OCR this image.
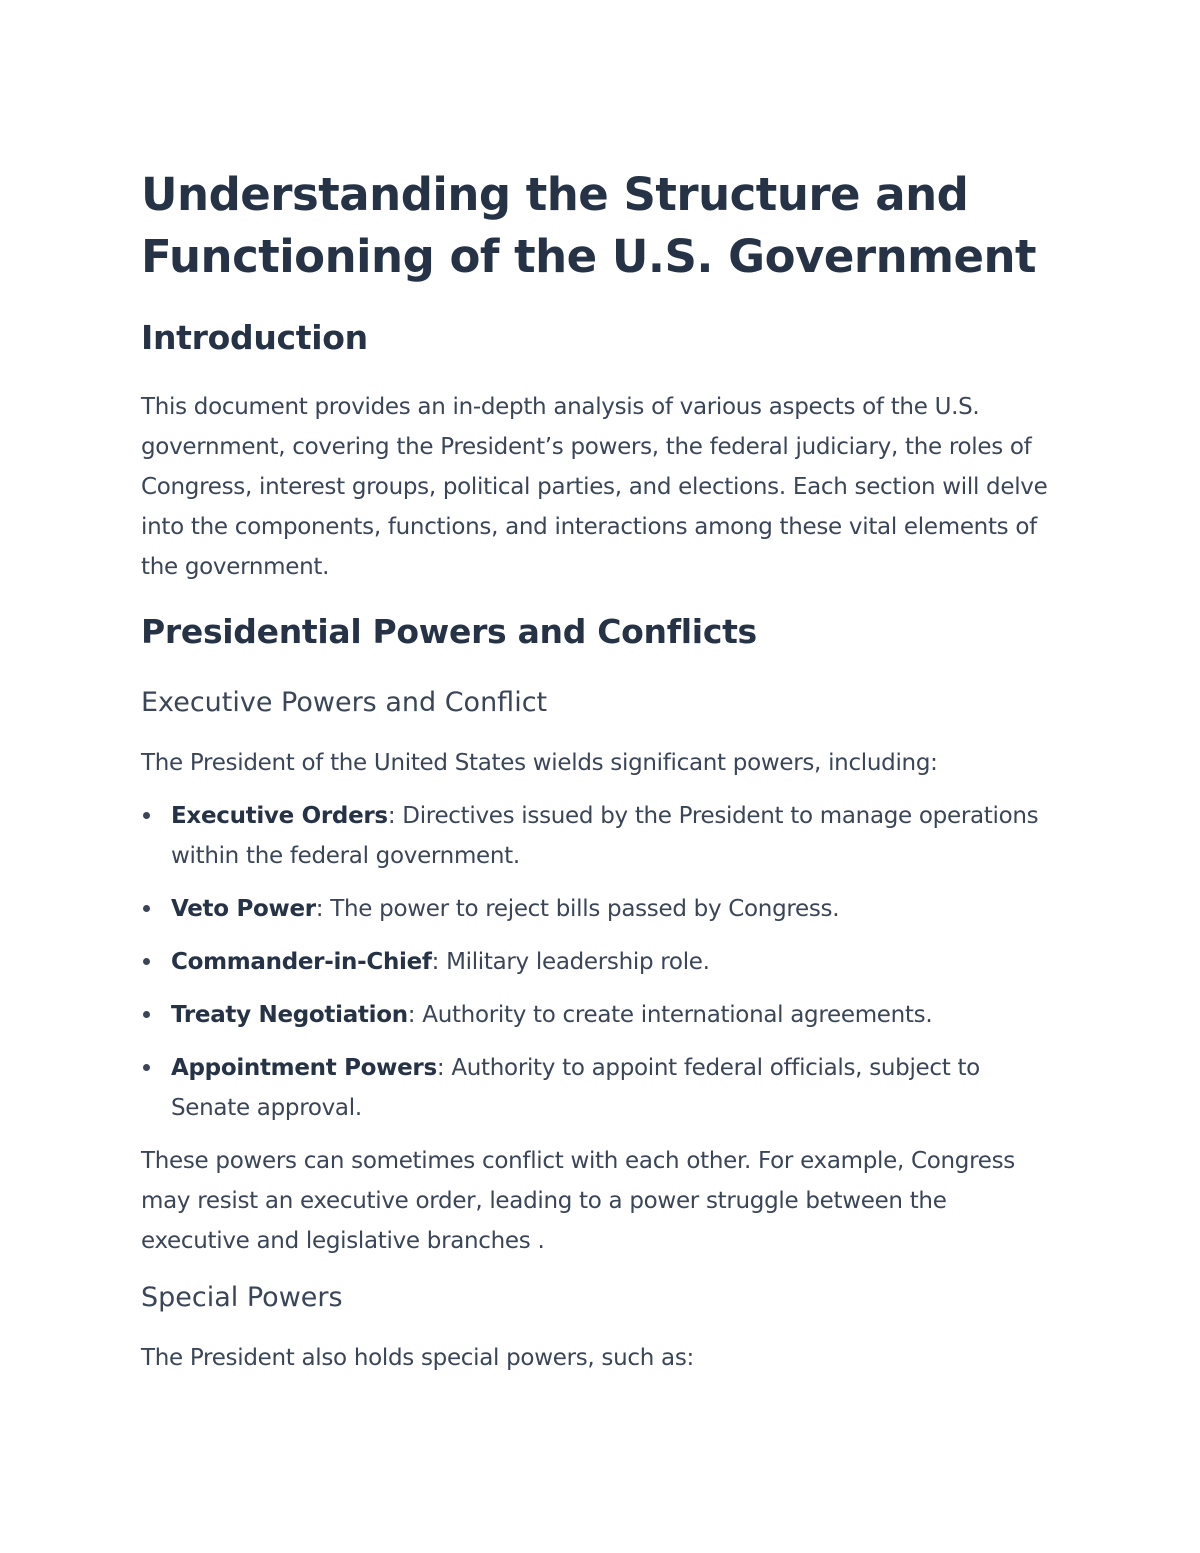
Understanding the Structure and Functioning of the U.S. Government
Introduction

This document provides an in-depth analysis of various aspects of the U.S. government, covering the President’s powers, the federal judiciary, the roles of Congress, interest groups, political parties, and elections. Each section will delve into the components, functions, and interactions among these vital elements of the government.

Presidential Powers and Conflicts
Executive Powers and Conflict

The President of the United States wields significant powers, including:

Executive Orders: Directives issued by the President to manage operations within the federal government.
Veto Power: The power to reject bills passed by Congress.
Commander-in-Chief: Military leadership role.
Treaty Negotiation: Authority to create international agreements.
Appointment Powers: Authority to appoint federal officials, subject to Senate approval.

These powers can sometimes conflict with each other. For example, Congress may resist an executive order, leading to a power struggle between the executive and legislative branches .

Special Powers

The President also holds special powers, such as:
